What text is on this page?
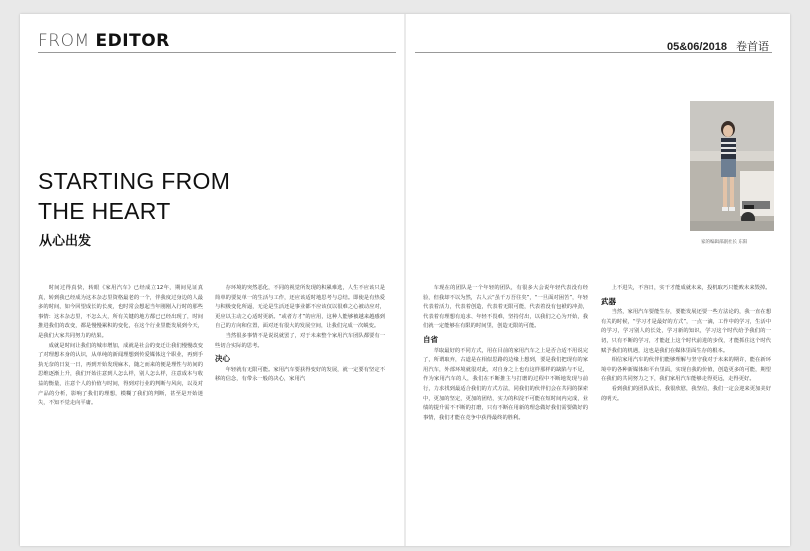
FROM EDITOR
STARTING FROM
THE HEART
从心出发

时间过得真快，转眼《家用汽车》已经成立12年，期间见证真真，转到我已经成为这本杂志里资格最老的一个，伴我度过身边的人最多的时间，如今回望成长的长度，也时常会想起当年刚刚入行时的那些事情：这本杂志里，不怎么大，所有关键的地方都已已经出现了，时间推进我们的改变，都是慢慢累积的变化，在这个行业里能发展到今天，是我们大家共同努力的结果。

成就是时间让我们的城市增加，成就是社会的变迁让我们慢慢改变了对理想本身的认识，从单纯的新闻理想到传爱媒体这个职业，再到手执无奈的日复一日，再到开始发现麻木，随之而来的便是理性与坊间的思维逐渐上升，我们开始注意到人怎么样，别人怎么样，注意成本与收益的衡量，注意个人的价值与时间，得到对行业的判断与风向，以及对产品的分析，影响了我们的理想，模糊了我们的判断，甚至是开始迷失，不知不觉走向平庸。

存环境的突然恶化，不同的视觉所发现的积累难选，人生不应该只是简单的要复单一的生活与工作，还应该适时地思考与总结。即使是有热爱与积极变化所逼，无论是生活还是事业都不应该仅以很难之心被动应对，更应以主动之心适时更新。“或者方才”的应用，这种人能够被越来越感到自己的方向和位置，面对还有很大的发展空间，让我们完成一次蜕变。

当然很多事情不是说说就罢了，对于未来整个家用汽车团队都要有一些切合实际的思考。

决心

年轻就有无限可能。家用汽车要获得变好的发展，就一定要有坚定不移的信念，有带永一般的决心，家用汽

05&06/2018 卷首语
家的编辑部副社长 东阳

车现在的团队是一个年轻的团队，有很多大会说年轻代表没有经验，但我却不以为然，古人云“虽千万吾往矣”，“一旦面对困苦”，年轻代表着活力，代表着创造，代表着无限可能，代表着没有包袱的冲劲，代表着有理想有追求、年轻不畏难，坚持付出，以我们之心为开始，我们就一定能够在有限的时间里，创造无限的可能。

自省

萃取最好的不同方式，用在目前的家用汽车之上是否合适不用说完了，所谓取弃，古道是在相似思路的边缘上想到，要是我们把现有的家用汽车，外部环境就很对此，对自身之上也有这样那样的缺陷与不足，作为家用汽车的人，我们在不断推主与打磨的过程中不断地发现与前行，力求找到最适合我们的方式方法，同我们的伙伴们会在共同的探索中，更加的坚定，更加的团结，实力的积淀不可能在短时间内完成，业绩的提升需不不断的打磨，只有不断在用新的理念做好我们需要做好的事情，我们才能在竞争中获得最终的胜利。

上不进失，不容日，实干才能成就未来，投机取巧只能败未来毁掉。

武器

当然，家用汽车要能生存，要能发展还要一些方法论的，我一直在想有关的时候，“学习才是最好的方式”，一点一滴，工作中的学习，生活中的学习，学习别人的长处，学习新的知识，学习这个时代给予我们的一切，只有不断的学习，才能赶上这个时代前进的步伐，才能抓住这个时代赋予我们的机遇，这也是我们在媒体里面生存的根本。

相信家用汽车的伙伴们能够理解与坚守我对于未来的期许，能在新环境中的各种新媒体和平台里面，实现自我的价值，创造更多的可能，期望在我们的共同努力之下，我们家用汽车能够走得更远，走得更好。

看到我们的团队成长，我很欣慰，我坚信，我们一定会迎来更加美好的明天。
